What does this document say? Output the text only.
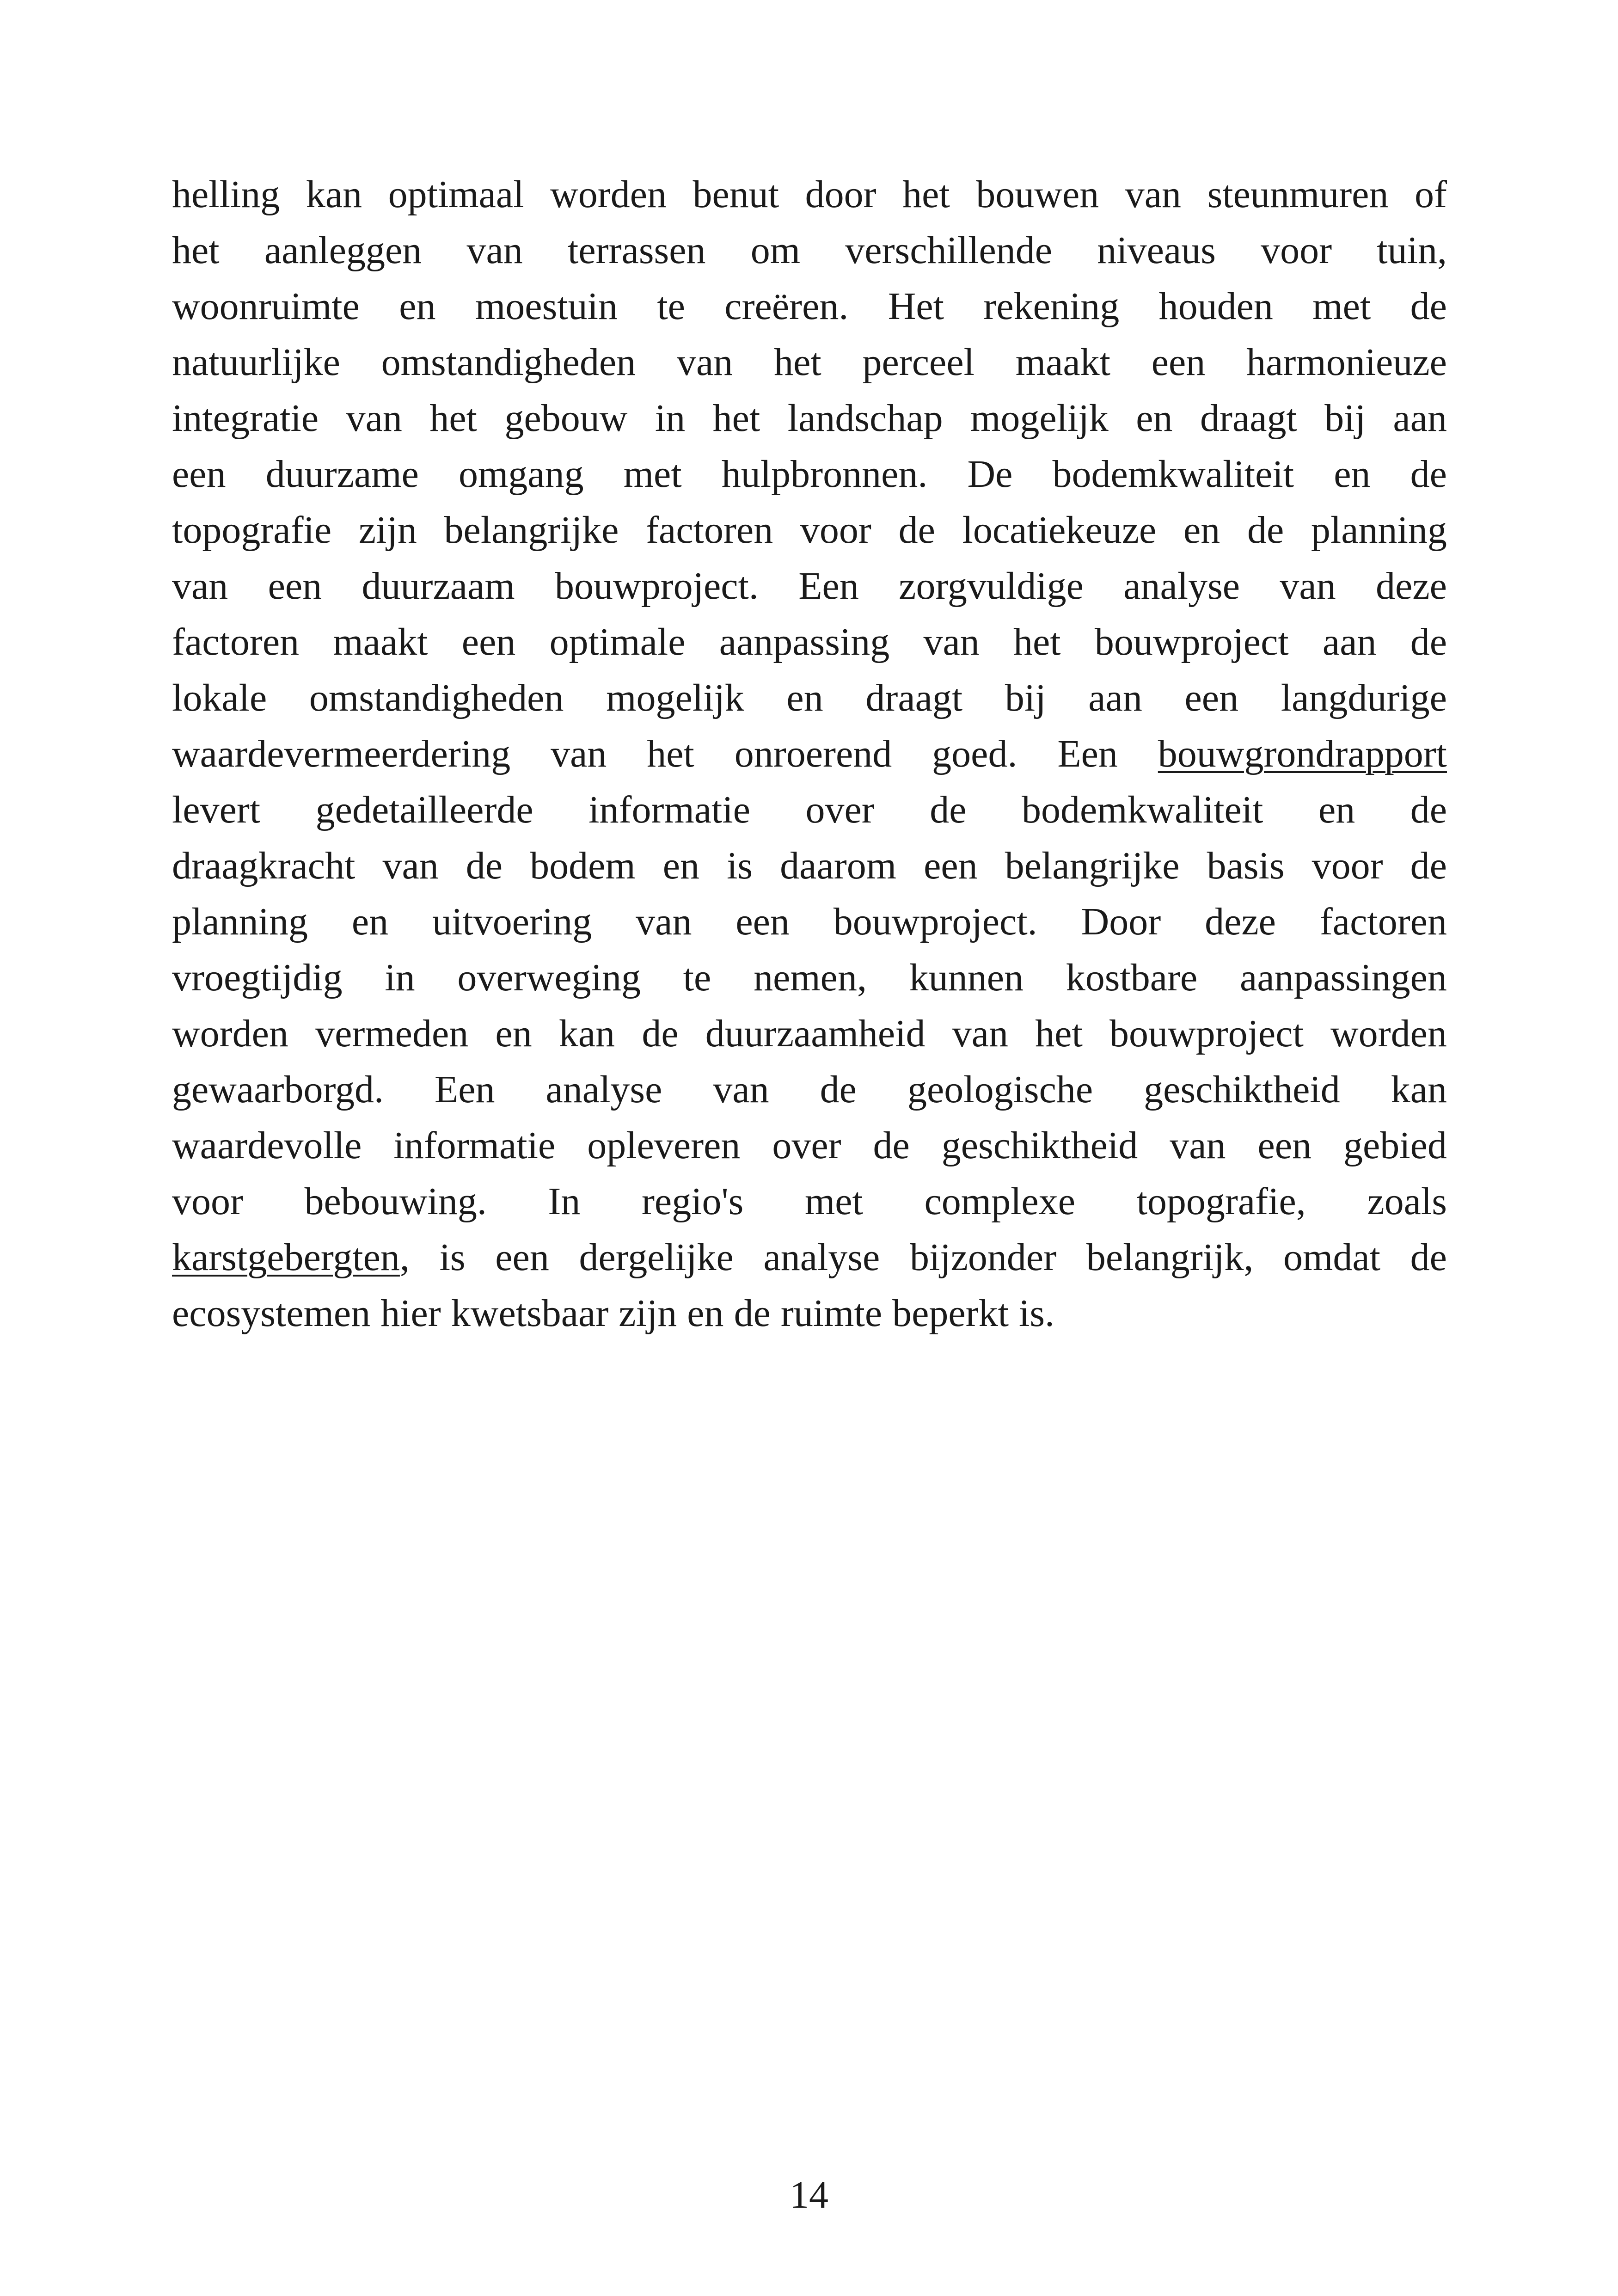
helling kan optimaal worden benut door het bouwen van steunmuren of
het aanleggen van terrassen om verschillende niveaus voor tuin,
woonruimte en moestuin te creëren. Het rekening houden met de
natuurlijke omstandigheden van het perceel maakt een harmonieuze
integratie van het gebouw in het landschap mogelijk en draagt bij aan
een duurzame omgang met hulpbronnen. De bodemkwaliteit en de
topografie zijn belangrijke factoren voor de locatiekeuze en de planning
van een duurzaam bouwproject. Een zorgvuldige analyse van deze
factoren maakt een optimale aanpassing van het bouwproject aan de
lokale omstandigheden mogelijk en draagt bij aan een langdurige
waardevermeerdering van het onroerend goed. Een bouwgrondrapport
levert gedetailleerde informatie over de bodemkwaliteit en de
draagkracht van de bodem en is daarom een belangrijke basis voor de
planning en uitvoering van een bouwproject. Door deze factoren
vroegtijdig in overweging te nemen, kunnen kostbare aanpassingen
worden vermeden en kan de duurzaamheid van het bouwproject worden
gewaarborgd. Een analyse van de geologische geschiktheid kan
waardevolle informatie opleveren over de geschiktheid van een gebied
voor bebouwing. In regio's met complexe topografie, zoals
karstgebergten, is een dergelijke analyse bijzonder belangrijk, omdat de
ecosystemen hier kwetsbaar zijn en de ruimte beperkt is.
14
